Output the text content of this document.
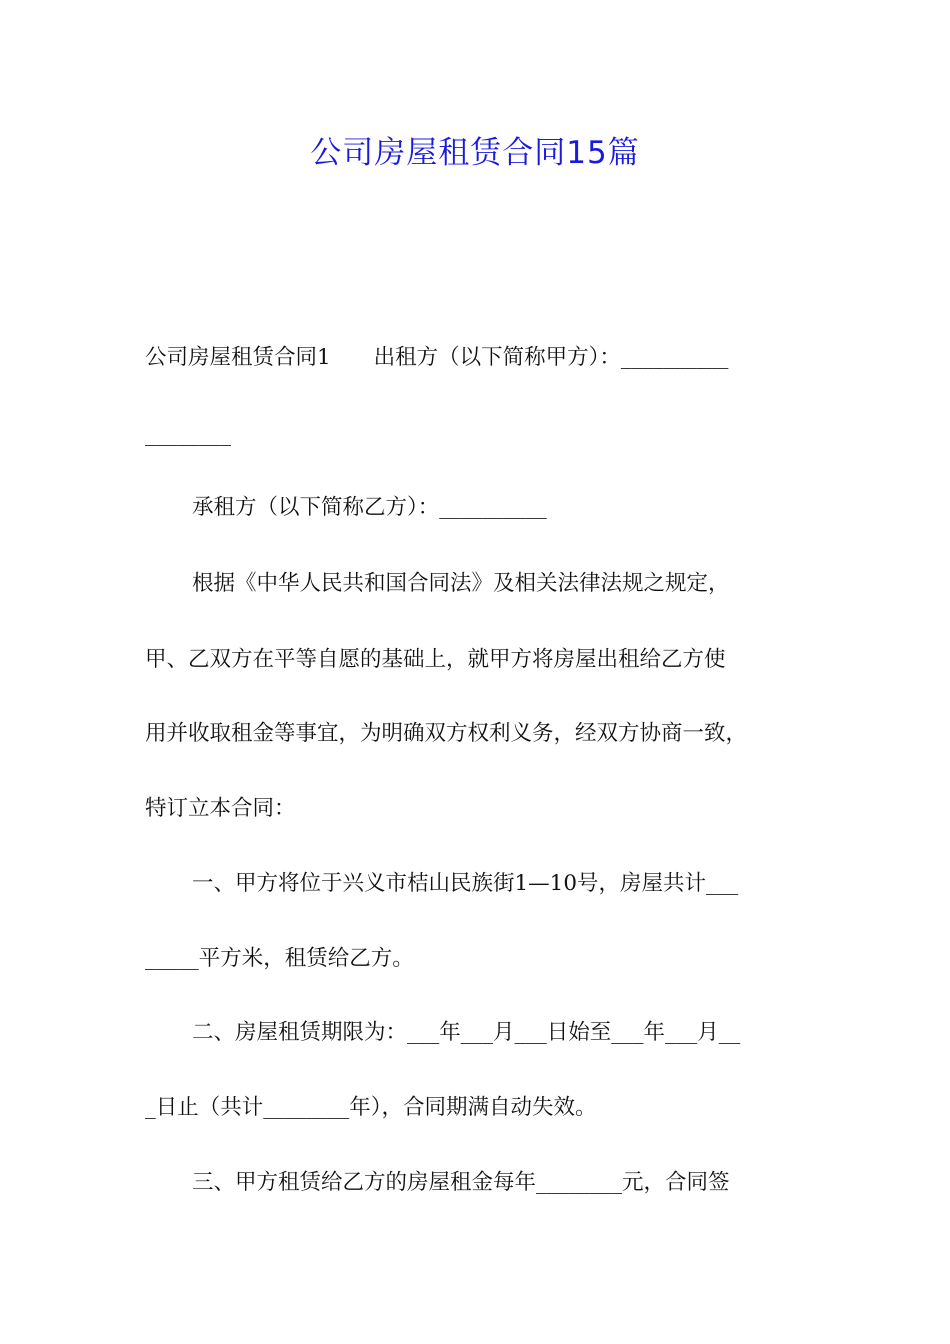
公司房屋租赁合同15篇
公司房屋租赁合同1　　出租方（以下简称甲方）：__________
________
承租方（以下简称乙方）：__________
根据《中华人民共和国合同法》及相关法律法规之规定，
甲、乙双方在平等自愿的基础上，就甲方将房屋出租给乙方使
用并收取租金等事宜，为明确双方权利义务，经双方协商一致，
特订立本合同：
一、甲方将位于兴义市桔山民族街1—10号，房屋共计___
_____平方米，租赁给乙方。
二、房屋租赁期限为：___年___月___日始至___年___月__
_日止（共计________年），合同期满自动失效。
三、甲方租赁给乙方的房屋租金每年________元，合同签
